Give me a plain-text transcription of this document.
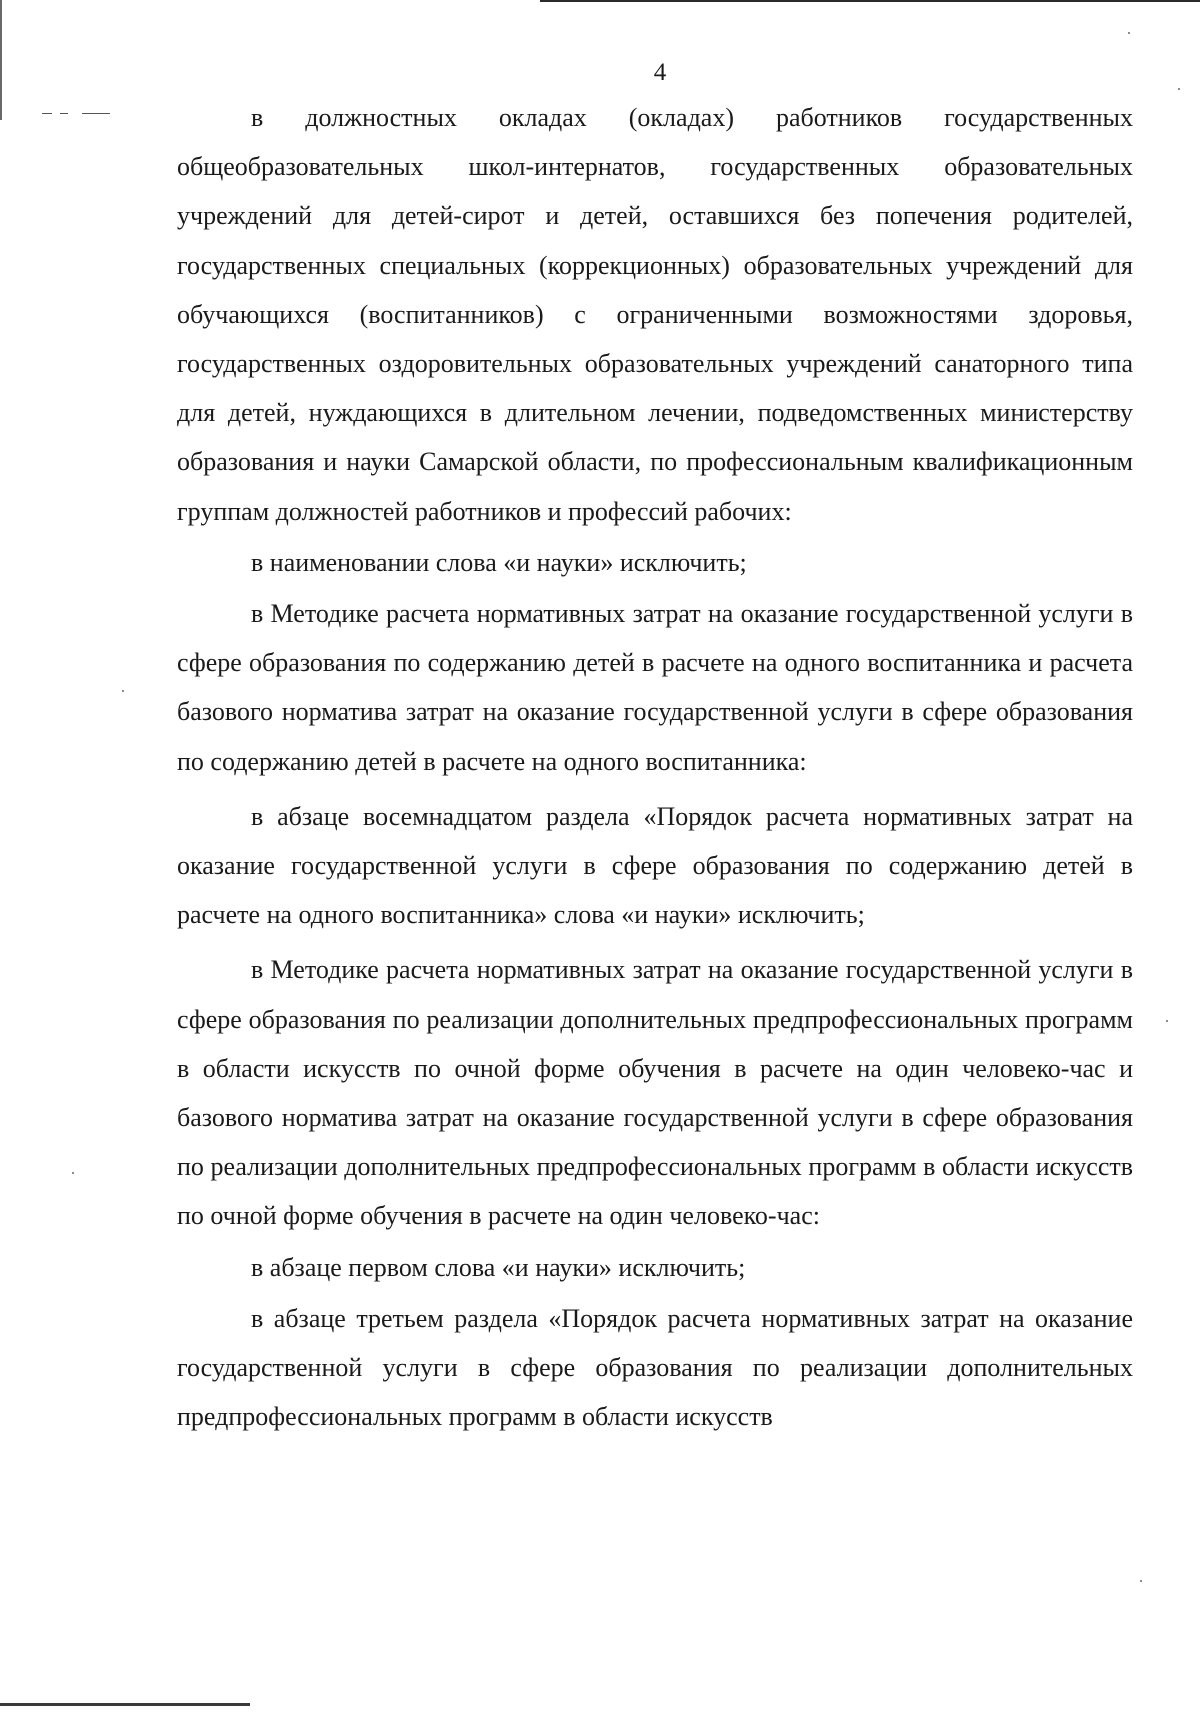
4

в должностных окладах (окладах) работников государственных общеобразовательных школ-интернатов, государственных образовательных учреждений для детей-сирот и детей, оставшихся без попечения родителей, государственных специальных (коррекционных) образовательных учреждений для обучающихся (воспитанников) с ограниченными возможностями здоровья, государственных оздоровительных образовательных учреждений санаторного типа для детей, нуждающихся в длительном лечении, подведомственных министерству образования и науки Самарской области, по профессиональным квалификационным группам должностей работников и профессий рабочих:

в наименовании слова «и науки» исключить;

в Методике расчета нормативных затрат на оказание государственной услуги в сфере образования по содержанию детей в расчете на одного воспитанника и расчета базового норматива затрат на оказание государственной услуги в сфере образования по содержанию детей в расчете на одного воспитанника:

в абзаце восемнадцатом раздела «Порядок расчета нормативных затрат на оказание государственной услуги в сфере образования по содержанию детей в расчете на одного воспитанника» слова «и науки» исключить;

в Методике расчета нормативных затрат на оказание государственной услуги в сфере образования по реализации дополнительных предпрофессиональных программ в области искусств по очной форме обучения в расчете на один человеко-час и базового норматива затрат на оказание государственной услуги в сфере образования по реализации дополнительных предпрофессиональных программ в области искусств по очной форме обучения в расчете на один человеко-час:

в абзаце первом слова «и науки» исключить;

в абзаце третьем раздела «Порядок расчета нормативных затрат на оказание государственной услуги в сфере образования по реализации дополнительных предпрофессиональных программ в области искусств
